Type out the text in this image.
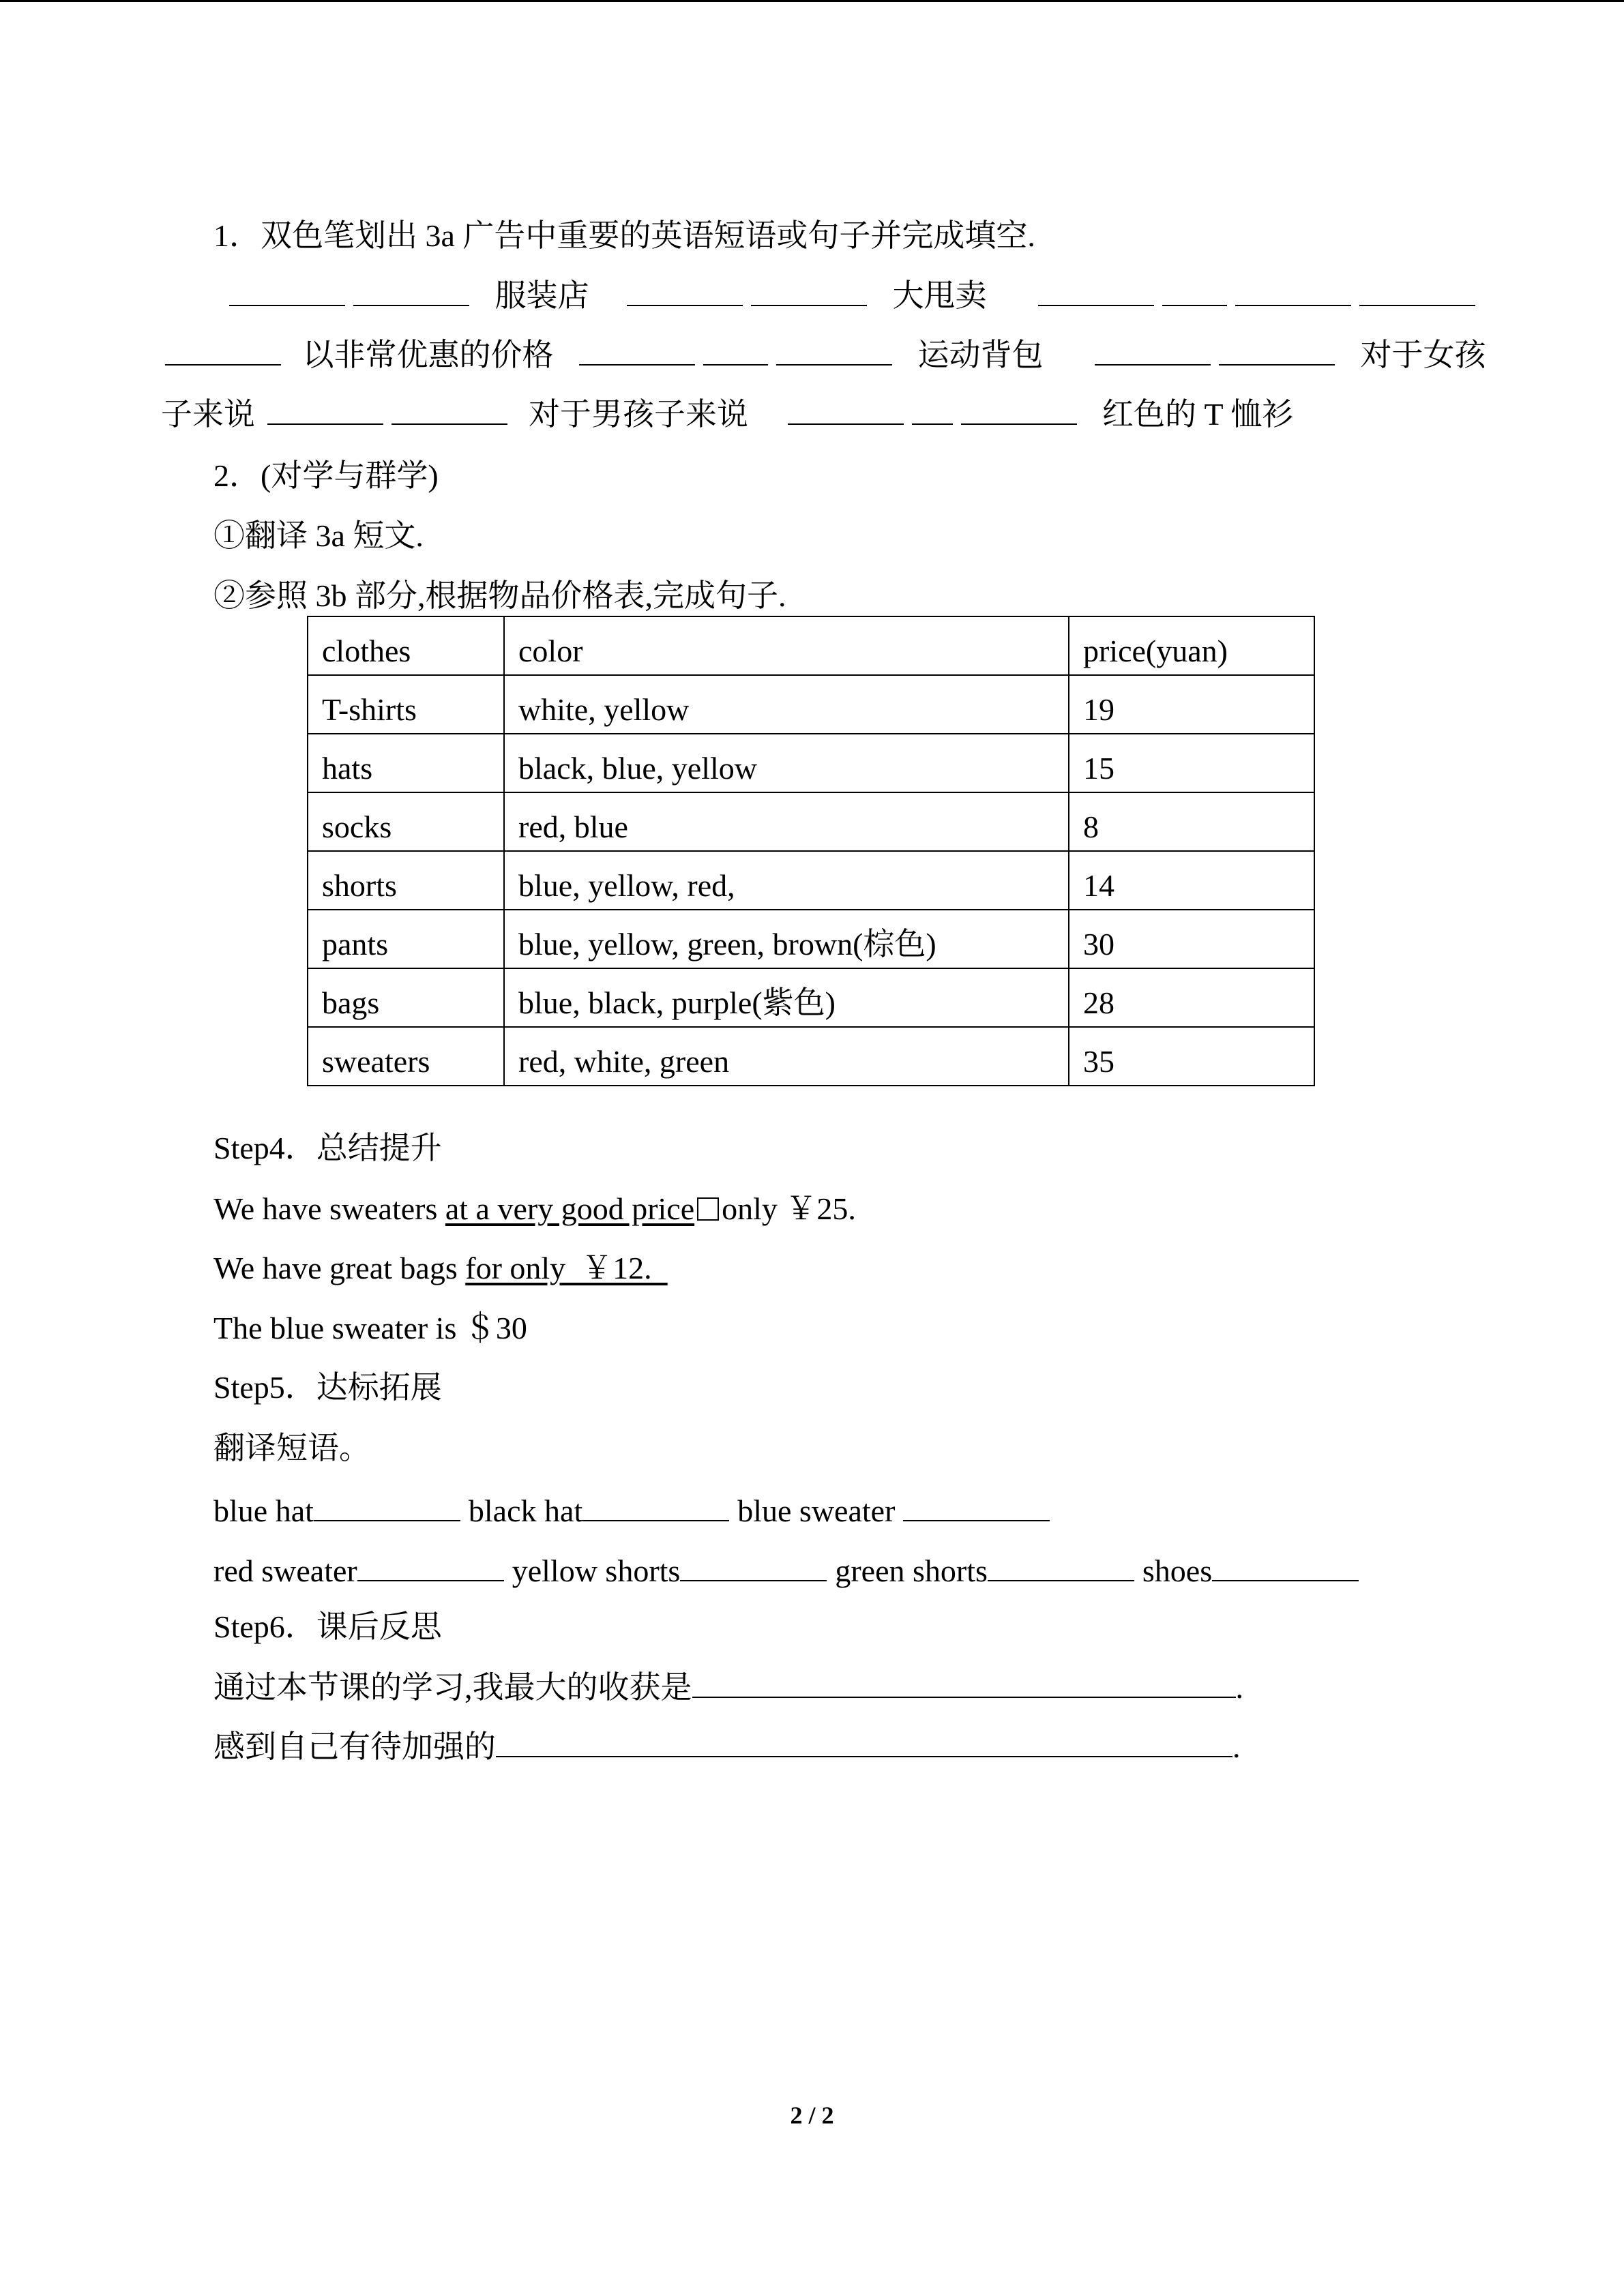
1．双色笔划出 3a 广告中重要的英语短语或句子并完成填空.
服装店	大甩卖
以非常优惠的价格	运动背包	对于女孩
子来说	对于男孩子来说	红色的 T 恤衫
2．(对学与群学)
①翻译 3a 短文.
②参照 3b 部分,根据物品价格表,完成句子.
clothes	color	price(yuan)
T-shirts	white, yellow	19
hats	black, blue, yellow	15
socks	red, blue	8
shorts	blue, yellow, red,	14
pants	blue, yellow, green, brown(棕色)	30
bags	blue, black, purple(紫色)	28
sweaters	red, white, green	35
Step4．总结提升
We have sweaters at a very good price only ￥25.
We have great bags for only  ￥12.
The blue sweater is ＄30
Step5．达标拓展
翻译短语。
blue hat	black hat	blue sweater
red sweater	yellow shorts	green shorts	shoes
Step6．课后反思
通过本节课的学习,我最大的收获是	.
感到自己有待加强的	.
2 / 2
